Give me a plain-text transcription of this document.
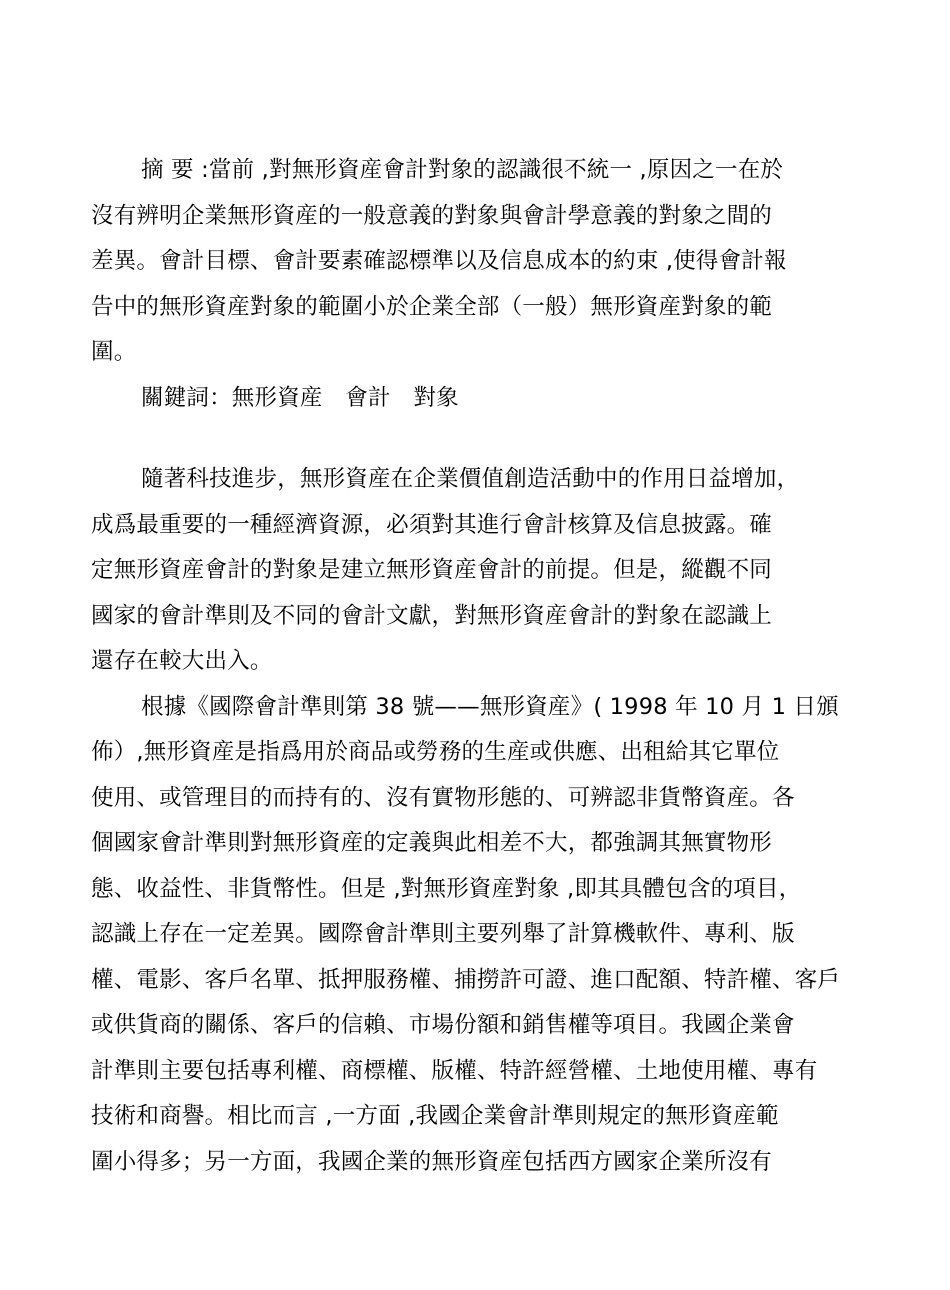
摘 要 :當前 ,對無形資産會計對象的認識很不統一 ,原因之一在於
沒有辨明企業無形資産的一般意義的對象與會計學意義的對象之間的
差異。會計目標、會計要素確認標準以及信息成本的約束 ,使得會計報
告中的無形資産對象的範圍小於企業全部（一般）無形資産對象的範
圍。
關鍵詞：無形資産　會計　對象
隨著科技進步，無形資産在企業價值創造活動中的作用日益增加，
成爲最重要的一種經濟資源，必須對其進行會計核算及信息披露。確
定無形資産會計的對象是建立無形資産會計的前提。但是，縱觀不同
國家的會計準則及不同的會計文獻，對無形資産會計的對象在認識上
還存在較大出入。
根據《國際會計準則第 38 號——無形資産》( 1998 年 10 月 1 日頒
佈）,無形資産是指爲用於商品或勞務的生産或供應、出租給其它單位
使用、或管理目的而持有的、沒有實物形態的、可辨認非貨幣資産。各
個國家會計準則對無形資産的定義與此相差不大，都強調其無實物形
態、收益性、非貨幣性。但是 ,對無形資産對象 ,即其具體包含的項目，
認識上存在一定差異。國際會計準則主要列舉了計算機軟件、專利、版
權、電影、客戶名單、抵押服務權、捕撈許可證、進口配額、特許權、客戶
或供貨商的關係、客戶的信賴、市場份額和銷售權等項目。我國企業會
計準則主要包括專利權、商標權、版權、特許經營權、土地使用權、專有
技術和商譽。相比而言 ,一方面 ,我國企業會計準則規定的無形資産範
圍小得多；另一方面，我國企業的無形資産包括西方國家企業所沒有
